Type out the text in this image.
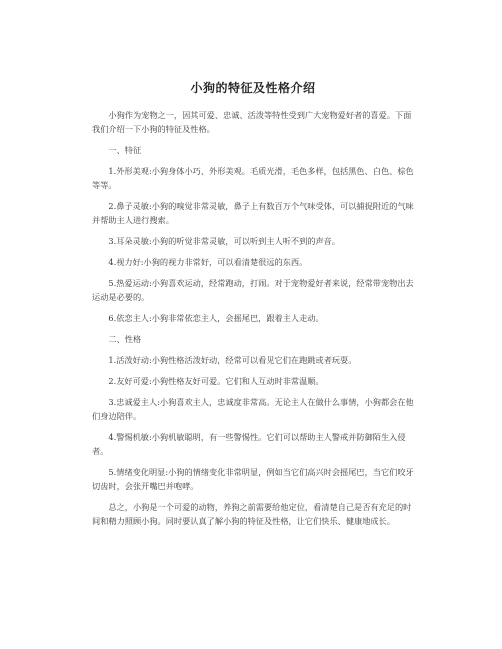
小狗的特征及性格介绍

小狗作为宠物之一，因其可爱、忠诚、活泼等特性受到广大宠物爱好者的喜爱。下面我们介绍一下小狗的特征及性格。

一、特征

1.外形美观:小狗身体小巧、外形美观。毛质光滑，毛色多样，包括黑色、白色、棕色等等。

2.鼻子灵敏:小狗的嗅觉非常灵敏，鼻子上有数百万个气味受体，可以捕捉附近的气味并帮助主人进行搜索。

3.耳朵灵敏:小狗的听觉非常灵敏，可以听到主人听不到的声音。

4.视力好:小狗的视力非常好，可以看清楚很远的东西。

5.热爱运动:小狗喜欢运动，经常跑动，打闹。对于宠物爱好者来说，经常带宠物出去运动是必要的。

6.依恋主人:小狗非常依恋主人，会摇尾巴，跟着主人走动。

二、性格

1.活泼好动:小狗性格活泼好动，经常可以看见它们在跑跳或者玩耍。

2.友好可爱:小狗性格友好可爱。它们和人互动时非常温顺。

3.忠诚爱主人:小狗喜欢主人，忠诚度非常高。无论主人在做什么事情，小狗都会在他们身边陪伴。

4.警惕机敏:小狗机敏聪明，有一些警惕性。它们可以帮助主人警戒并防御陌生入侵者。

5.情绪变化明显:小狗的情绪变化非常明显，例如当它们高兴时会摇尾巴，当它们咬牙切齿时，会张开嘴巴并咆哮。

总之，小狗是一个可爱的动物，养狗之前需要给他定位，看清楚自己是否有充足的时间和精力照顾小狗。同时要认真了解小狗的特征及性格，让它们快乐、健康地成长。
